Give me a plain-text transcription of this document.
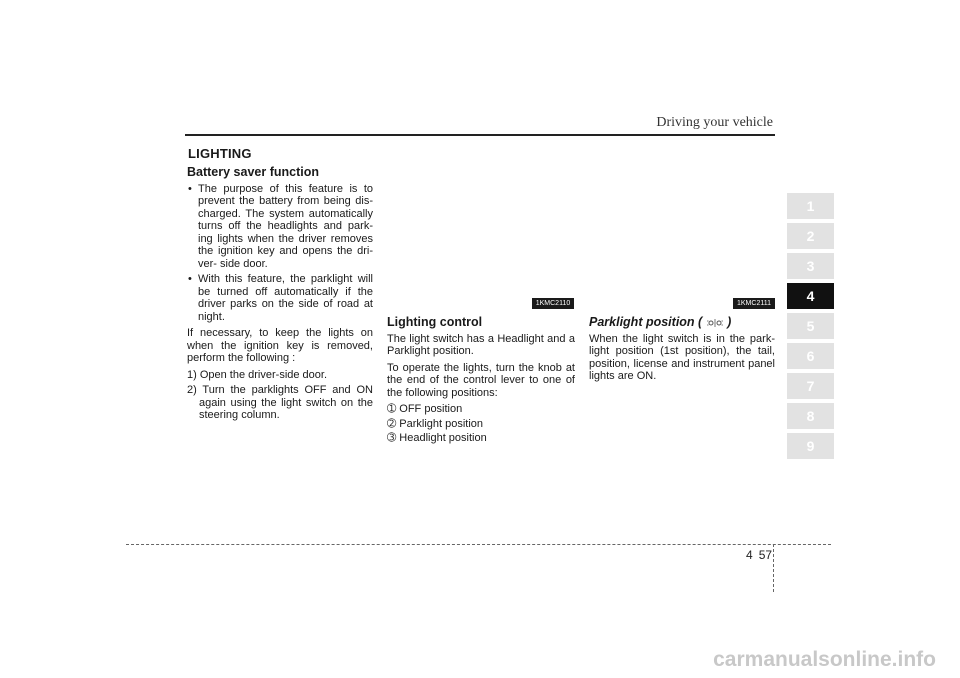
Driving your vehicle
LIGHTING
Battery saver function
• The purpose of this feature is to prevent the battery from being dis- charged. The system automatically turns off the headlights and park- ing lights when the driver removes the ignition key and opens the dri- ver- side door.
• With this feature, the parklight will be turned off automatically if the driver parks on the side of road at night.

If necessary, to keep the lights on when the ignition key is removed, perform the following :

1) Open the driver-side door.
2) Turn the parklights OFF and ON again using the light switch on the steering column.
1KMC2110	1KMC2111
Lighting control

The light switch has a Headlight and a Parklight position.

To operate the lights, turn the knob at the end of the control lever to one of the following positions:

➀ OFF position
➁ Parklight position
➂ Headlight position
Parklight position ( )

When the light switch is in the park- light position (1st position), the tail, position, license and instrument panel lights are ON.

1
2
3
4
5
6
7
8
9
4 57
carmanualsonline.info
